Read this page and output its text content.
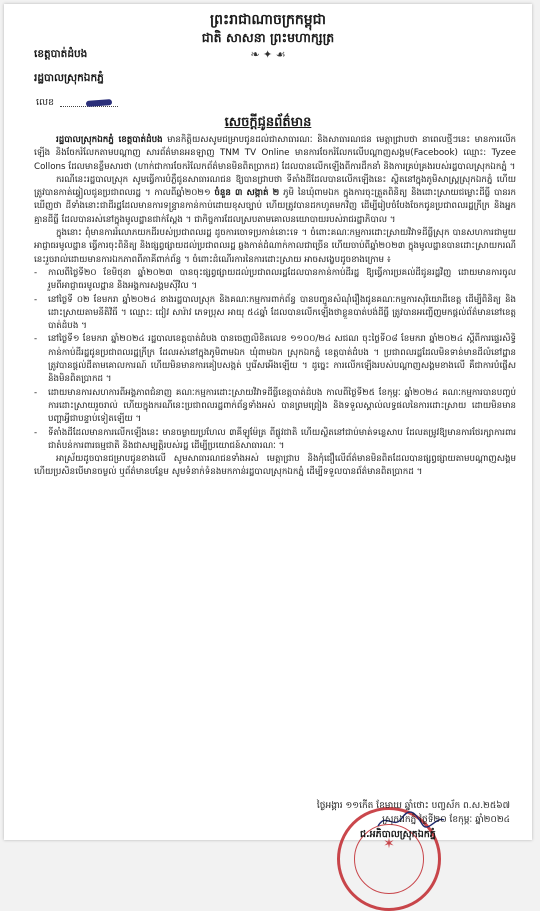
ព្រះរាជាណាចក្រកម្ពុជា
ជាតិ សាសនា ព្រះមហាក្សត្រ
❧ ✦ ☙
ខេត្តបាត់ដំបង
រដ្ឋបាលស្រុកឯកភ្នំ
លេខ
សេចក្តីជូនព័ត៌មាន

រដ្ឋបាលស្រុកឯកភ្នំ ខេត្តបាត់ដំបង មានកិត្តិយសសូមជម្រាបជូនដល់ជាសាធារណៈ និងសាធារណជន មេត្តាជ្រាបថា នាពេលថ្មីៗនេះ មានការលើកឡើង និងចែករំលែកតាមបណ្តាញ សារព័ត៌មានអនឡាញ TNM TV Online មានការចែករំលែកលើបណ្តាញសង្គម(Facebook) ឈ្មោះ: Tyzee Collons ដែលមានខ្លឹមសារថា (ហាក់ជាការចែករំលែកព័ត៌មានមិនពិតប្រាកដ) ដែលបានលើកឡើងពីការដឹកនាំ និងការគ្រប់គ្រងរបស់រដ្ឋបាលស្រុកឯកភ្នំ ។

ករណីនេះរដ្ឋបាលស្រុក សូមធ្វើការបំភ្លឺជូនសាធារណជន ឱ្យបានជ្រាបថា ទីតាំងដីដែលបានលើកឡើងនេះ ស្ថិតនៅក្នុងភូមិសាស្ត្រស្រុកឯកភ្នំ ហើយត្រូវបានកាត់ឆ្វៀលជូនប្រជាពលរដ្ឋ ។ កាលពីឆ្នាំ២០២១ ចំនួន ៣ សង្កាត់ ២ ភូមិ នៃឃុំពាមឯក ក្នុងការចុះត្រួតពិនិត្យ និងដោះស្រាយជម្លោះដីធ្លី បានរកឃើញថា ដីទាំងនោះជាដីរដ្ឋដែលមានការទន្ទ្រានកាន់កាប់ដោយខុសច្បាប់ ហើយត្រូវបានដកហូតមកវិញ ដើម្បីរៀបចំបែងចែកជូនប្រជាពលរដ្ឋក្រីក្រ និងអ្នកគ្មានដីធ្លី ដែលបានរស់នៅក្នុងមូលដ្ឋានជាក់ស្តែង ។ ជាកិច្ចការដែលស្របតាមគោលនយោបាយរបស់រាជរដ្ឋាភិបាល ។

ក្នុងនោះ ពុំមានការរំលោភយកដីរបស់ប្រជាពលរដ្ឋ ដូចការចោទប្រកាន់នោះទេ ។ ចំពោះគណៈកម្មការដោះស្រាយវិវាទដីធ្លីស្រុក បានសហការជាមួយអាជ្ញាធរមូលដ្ឋាន ធ្វើការចុះពិនិត្យ និងផ្សព្វផ្សាយដល់ប្រជាពលរដ្ឋ ឆ្លងកាត់ដំណាក់កាលជាច្រើន ហើយចាប់ពីឆ្នាំ២០២៣ ក្នុងមូលដ្ឋានបានដោះស្រាយករណីនេះរួចរាល់ដោយមានការឯកភាពពីភាគីពាក់ព័ន្ធ ។ ចំពោះដំណើរការនៃការដោះស្រាយ អាចសង្ខេបដូចខាងក្រោម ៖

- កាលពីថ្ងៃទី២០ ខែមិថុនា ឆ្នាំ២០២៣ បានចុះផ្សព្វផ្សាយដល់ប្រជាពលរដ្ឋដែលបានកាន់កាប់ដីរដ្ឋ ឱ្យធ្វើការប្រគល់ដីជូនរដ្ឋវិញ ដោយមានការចូលរួមពីអាជ្ញាធរមូលដ្ឋាន និងអង្គការសង្គមស៊ីវិល ។
- នៅថ្ងៃទី ០២ ខែមករា ឆ្នាំ២០២៤ ខាងរដ្ឋបាលស្រុក និងគណៈកម្មការពាក់ព័ន្ធ បានបញ្ជូនសំណុំរឿងជូនគណៈកម្មការសុរិយោដីខេត្ត ដើម្បីពិនិត្យ និងដោះស្រាយតាមនីតិវិធី ។ ឈ្មោះ: ជៀវ សារ៉ាវ ភេទប្រុស អាយុ ៥៤ឆ្នាំ ដែលបានលើកឡើងថាខ្លួនបាត់បង់ដីធ្លី ត្រូវបានអញ្ជើញមកផ្តល់ព័ត៌មាននៅខេត្តបាត់ដំបង ។
- នៅថ្ងៃទី១ ខែមករា ឆ្នាំ២០២៤ រដ្ឋបាលខេត្តបាត់ដំបង បានចេញលិខិតលេខ ១១០០/២៤ សជណ ចុះថ្ងៃទី០៨ ខែមករា ឆ្នាំ២០២៤ ស្តីពីការផ្ទេរសិទ្ធិកាន់កាប់ដីរដ្ឋជូនប្រជាពលរដ្ឋក្រីក្រ ដែលរស់នៅក្នុងភូមិពាមឯក ឃុំពាមឯក ស្រុកឯកភ្នំ ខេត្តបាត់ដំបង ។ ប្រជាពលរដ្ឋដែលមិនទាន់មានដីលំនៅដ្ឋាន ត្រូវបានផ្តល់ដីតាមគោលការណ៍ ហើយមិនមានការគៀបសង្កត់ ឬរើសអើងឡើយ ។ ដូច្នេះ ការលើកឡើងរបស់បណ្តាញសង្គមខាងលើ គឺជាការបំផ្លើស និងមិនពិតប្រាកដ ។
- ដោយមានការសហការពីអង្គភាពជំនាញ គណៈកម្មការដោះស្រាយវិវាទដីធ្លីខេត្តបាត់ដំបង កាលពីថ្ងៃទី២៥ ខែកុម្ភៈ ឆ្នាំ២០២៤ គណៈកម្មការបានបញ្ចប់ការដោះស្រាយរួចរាល់ ហើយក្នុងករណីនេះប្រជាពលរដ្ឋពាក់ព័ន្ធទាំងអស់ បានព្រមព្រៀង និងទទួលស្គាល់លទ្ធផលនៃការដោះស្រាយ ដោយមិនមានបញ្ហាអ្វីជាបន្ទាប់ទៀតឡើយ ។
- ទីតាំងដីដែលមានការលើកឡើងនេះ មានចម្ងាយប្រហែល ៣គីឡូម៉ែត្រ ពីផ្លូវជាតិ ហើយស្ថិតនៅជាប់មាត់ទន្លេសាប ដែលតម្រូវឱ្យមានការថែរក្សាការពារ ជាតំបន់ការពារធម្មជាតិ និងជាសម្បត្តិរបស់រដ្ឋ ដើម្បីប្រយោជន៍សាធារណៈ ។

អាស្រ័យដូចបានជម្រាបជូនខាងលើ សូមសាធារណជនទាំងអស់ មេត្តាជ្រាប និងកុំជឿលើព័ត៌មានមិនពិតដែលបានផ្សព្វផ្សាយតាមបណ្តាញសង្គម ហើយប្រសិនបើមានចម្ងល់ ឬព័ត៌មានបន្ថែម សូមទំនាក់ទំនងមកកាន់រដ្ឋបាលស្រុកឯកភ្នំ ដើម្បីទទួលបានព័ត៌មានពិតប្រាកដ ។

✶
ថ្ងៃអង្គារ ១១កើត ខែមាឃ ឆ្នាំថោះ បញ្ចស័ក ព.ស.២៥៦៧
ស្រុកឯកភ្នំ ថ្ងៃទី២០ ខែកុម្ភៈ ឆ្នាំ២០២៤
ជ.អភិបាលស្រុកឯកភ្នំ
